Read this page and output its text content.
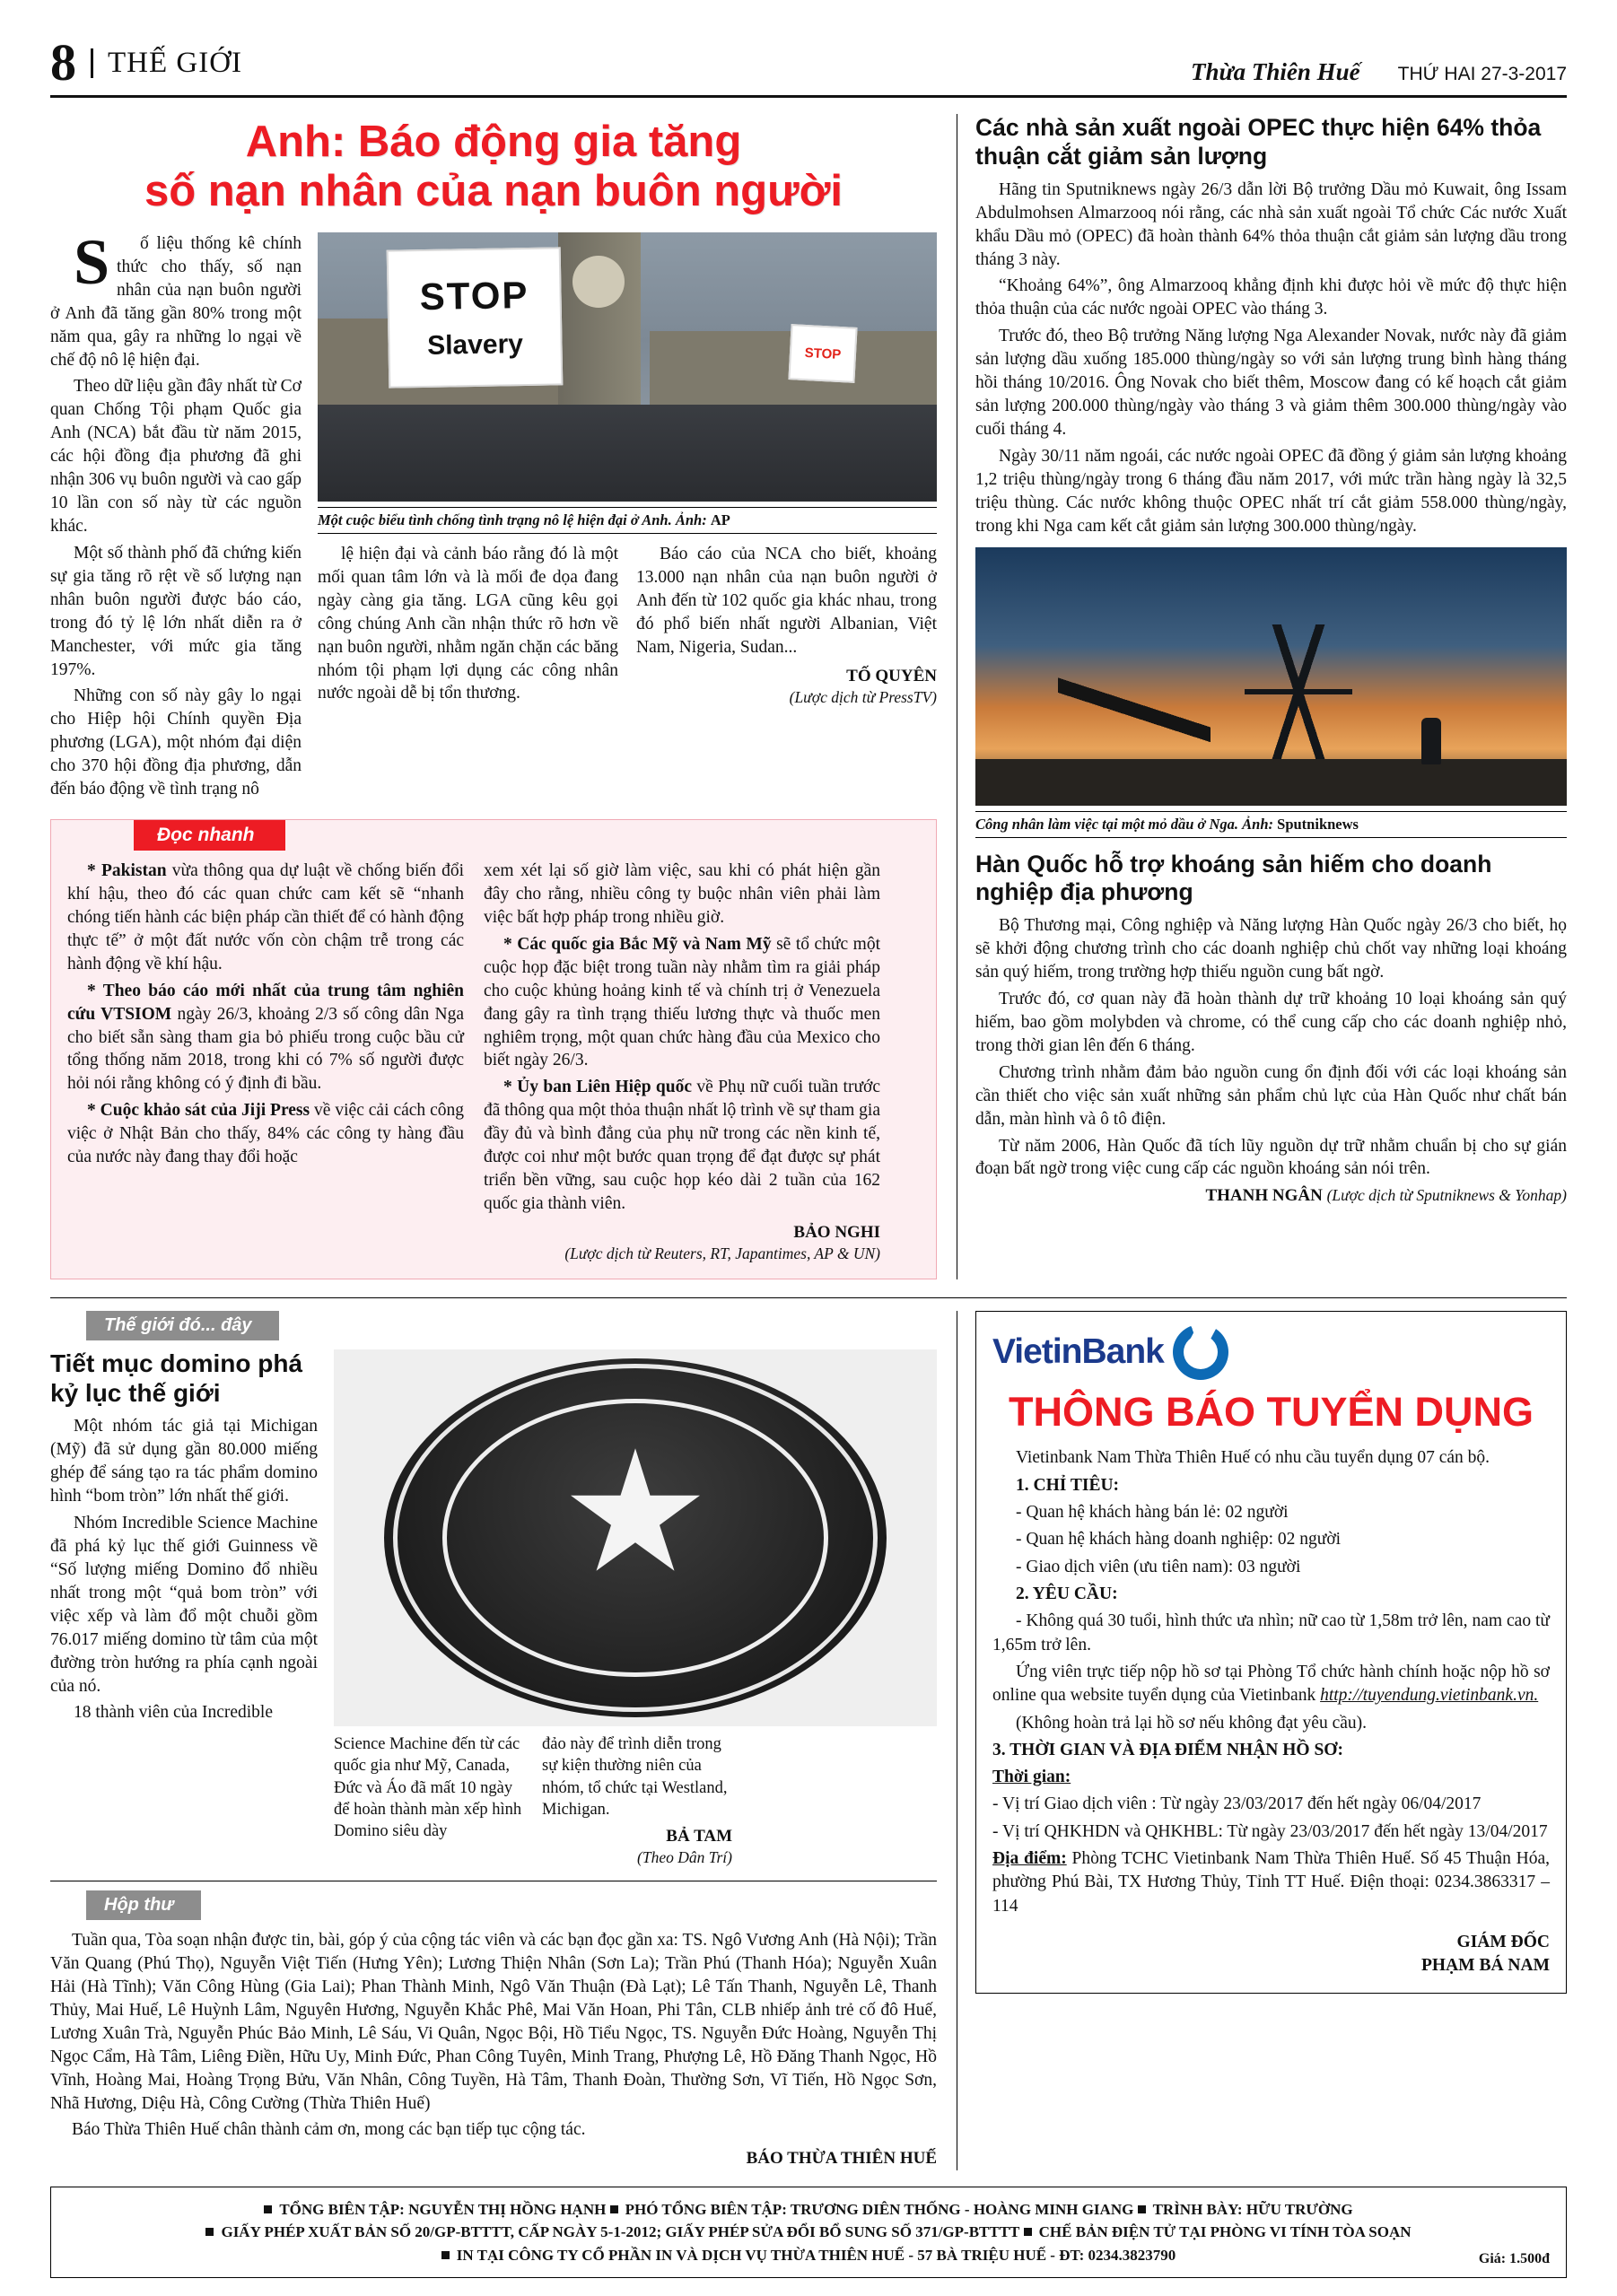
8	THẾ GIỚI	Thừa Thiên Huế THỨ HAI 27-3-2017
Anh: Báo động gia tăng
số nạn nhân của nạn buôn người

Số liệu thống kê chính thức cho thấy, số nạn nhân của nạn buôn người ở Anh đã tăng gần 80% trong một năm qua, gây ra những lo ngại về chế độ nô lệ hiện đại.

Theo dữ liệu gần đây nhất từ Cơ quan Chống Tội phạm Quốc gia Anh (NCA) bắt đầu từ năm 2015, các hội đồng địa phương đã ghi nhận 306 vụ buôn người và cao gấp 10 lần con số này từ các nguồn khác.

Một số thành phố đã chứng kiến sự gia tăng rõ rệt về số lượng nạn nhân buôn người được báo cáo, trong đó tỷ lệ lớn nhất diễn ra ở Manchester, với mức gia tăng 197%.

Những con số này gây lo ngại cho Hiệp hội Chính quyền Địa phương (LGA), một nhóm đại diện cho 370 hội đồng địa phương, dẫn đến báo động về tình trạng nô

STOP
Slavery	STOP
Một cuộc biểu tình chống tình trạng nô lệ hiện đại ở Anh. Ảnh: AP

lệ hiện đại và cảnh báo rằng đó là một mối quan tâm lớn và là mối đe dọa đang ngày càng gia tăng. LGA cũng kêu gọi công chúng Anh cần nhận thức rõ hơn về nạn buôn người, nhằm ngăn chặn các băng nhóm tội phạm lợi dụng các công nhân nước ngoài dễ bị tổn thương.

Báo cáo của NCA cho biết, khoảng 13.000 nạn nhân của nạn buôn người ở Anh đến từ 102 quốc gia khác nhau, trong đó phổ biến nhất người Albanian, Việt Nam, Nigeria, Sudan...

TỐ QUYÊN
(Lược dịch từ PressTV)
Đọc nhanh

* Pakistan vừa thông qua dự luật về chống biến đổi khí hậu, theo đó các quan chức cam kết sẽ “nhanh chóng tiến hành các biện pháp cần thiết để có hành động thực tế” ở một đất nước vốn còn chậm trễ trong các hành động về khí hậu.

* Theo báo cáo mới nhất của trung tâm nghiên cứu VTSIOM ngày 26/3, khoảng 2/3 số công dân Nga cho biết sẵn sàng tham gia bỏ phiếu trong cuộc bầu cử tổng thống năm 2018, trong khi có 7% số người được hỏi nói rằng không có ý định đi bầu.

* Cuộc khảo sát của Jiji Press về việc cải cách công việc ở Nhật Bản cho thấy, 84% các công ty hàng đầu của nước này đang thay đổi hoặc

xem xét lại số giờ làm việc, sau khi có phát hiện gần đây cho rằng, nhiều công ty buộc nhân viên phải làm việc bất hợp pháp trong nhiều giờ.

* Các quốc gia Bắc Mỹ và Nam Mỹ sẽ tổ chức một cuộc họp đặc biệt trong tuần này nhằm tìm ra giải pháp cho cuộc khủng hoảng kinh tế và chính trị ở Venezuela đang gây ra tình trạng thiếu lương thực và thuốc men nghiêm trọng, một quan chức hàng đầu của Mexico cho biết ngày 26/3.

* Ủy ban Liên Hiệp quốc về Phụ nữ cuối tuần trước đã thông qua một thỏa thuận nhất lộ trình về sự tham gia đầy đủ và bình đẳng của phụ nữ trong các nền kinh tế, được coi như một bước quan trọng để đạt được sự phát triển bền vững, sau cuộc họp kéo dài 2 tuần của 162 quốc gia thành viên.

BẢO NGHI
(Lược dịch từ Reuters, RT, Japantimes, AP & UN)
Các nhà sản xuất ngoài OPEC thực hiện 64% thỏa thuận cắt giảm sản lượng

Hãng tin Sputniknews ngày 26/3 dẫn lời Bộ trưởng Dầu mỏ Kuwait, ông Issam Abdulmohsen Almarzooq nói rằng, các nhà sản xuất ngoài Tổ chức Các nước Xuất khẩu Dầu mỏ (OPEC) đã hoàn thành 64% thỏa thuận cắt giảm sản lượng dầu trong tháng 3 này.

“Khoảng 64%”, ông Almarzooq khẳng định khi được hỏi về mức độ thực hiện thỏa thuận của các nước ngoài OPEC vào tháng 3.

Trước đó, theo Bộ trưởng Năng lượng Nga Alexander Novak, nước này đã giảm sản lượng dầu xuống 185.000 thùng/ngày so với sản lượng trung bình hàng tháng hồi tháng 10/2016. Ông Novak cho biết thêm, Moscow đang có kế hoạch cắt giảm sản lượng 200.000 thùng/ngày vào tháng 3 và giảm thêm 300.000 thùng/ngày vào cuối tháng 4.

Ngày 30/11 năm ngoái, các nước ngoài OPEC đã đồng ý giảm sản lượng khoảng 1,2 triệu thùng/ngày trong 6 tháng đầu năm 2017, với mức trần hàng ngày là 32,5 triệu thùng. Các nước không thuộc OPEC nhất trí cắt giảm 558.000 thùng/ngày, trong khi Nga cam kết cắt giảm sản lượng 300.000 thùng/ngày.

Công nhân làm việc tại một mỏ dầu ở Nga. Ảnh: Sputniknews
Hàn Quốc hỗ trợ khoáng sản hiếm cho doanh nghiệp địa phương

Bộ Thương mại, Công nghiệp và Năng lượng Hàn Quốc ngày 26/3 cho biết, họ sẽ khởi động chương trình cho các doanh nghiệp chủ chốt vay những loại khoáng sản quý hiếm, trong trường hợp thiếu nguồn cung bất ngờ.

Trước đó, cơ quan này đã hoàn thành dự trữ khoảng 10 loại khoáng sản quý hiếm, bao gồm molybden và chrome, có thể cung cấp cho các doanh nghiệp nhỏ, trong thời gian lên đến 6 tháng.

Chương trình nhằm đảm bảo nguồn cung ổn định đối với các loại khoáng sản cần thiết cho việc sản xuất những sản phẩm chủ lực của Hàn Quốc như chất bán dẫn, màn hình và ô tô điện.

Từ năm 2006, Hàn Quốc đã tích lũy nguồn dự trữ nhằm chuẩn bị cho sự gián đoạn bất ngờ trong việc cung cấp các nguồn khoáng sản nói trên.

THANH NGÂN (Lược dịch từ Sputniknews & Yonhap)
Thế giới đó... đây
Tiết mục domino phá kỷ lục thế giới

Một nhóm tác giả tại Michigan (Mỹ) đã sử dụng gần 80.000 miếng ghép để sáng tạo ra tác phẩm domino hình “bom tròn” lớn nhất thế giới.

Nhóm Incredible Science Machine đã phá kỷ lục thế giới Guinness về “Số lượng miếng Domino đổ nhiều nhất trong một “quả bom tròn” với việc xếp và làm đổ một chuỗi gồm 76.017 miếng domino từ tâm của một đường tròn hướng ra phía cạnh ngoài của nó.

18 thành viên của Incredible

Science Machine đến từ các quốc gia như Mỹ, Canada, Đức và Áo đã mất 10 ngày để hoàn thành màn xếp hình Domino siêu dày
đảo này để trình diễn trong sự kiện thường niên của nhóm, tổ chức tại Westland, Michigan.
BẢ TAM
(Theo Dân Trí)
Hộp thư

Tuần qua, Tòa soạn nhận được tin, bài, góp ý của cộng tác viên và các bạn đọc gần xa: TS. Ngô Vương Anh (Hà Nội); Trần Văn Quang (Phú Thọ), Nguyễn Việt Tiến (Hưng Yên); Lương Thiện Nhân (Sơn La); Trần Phú (Thanh Hóa); Nguyễn Xuân Hải (Hà Tĩnh); Văn Công Hùng (Gia Lai); Phan Thành Minh, Ngô Văn Thuận (Đà Lạt); Lê Tấn Thanh, Nguyễn Lê, Thanh Thủy, Mai Huế, Lê Huỳnh Lâm, Nguyên Hương, Nguyễn Khắc Phê, Mai Văn Hoan, Phi Tân, CLB nhiếp ảnh trẻ cố đô Huế, Lương Xuân Trà, Nguyễn Phúc Bảo Minh, Lê Sáu, Vi Quân, Ngọc Bội, Hồ Tiểu Ngọc, TS. Nguyễn Đức Hoàng, Nguyễn Thị Ngọc Cẩm, Hà Tâm, Liêng Điền, Hữu Uy, Minh Đức, Phan Công Tuyên, Minh Trang, Phượng Lê, Hồ Đăng Thanh Ngọc, Hồ Vĩnh, Hoàng Mai, Hoàng Trọng Bửu, Văn Nhân, Công Tuyền, Hà Tâm, Thanh Đoàn, Thường Sơn, Vĩ Tiến, Hồ Ngọc Sơn, Nhã Hương, Diệu Hà, Công Cường (Thừa Thiên Huế)

Báo Thừa Thiên Huế chân thành cảm ơn, mong các bạn tiếp tục cộng tác.

BÁO THỪA THIÊN HUẾ
VietinBank
THÔNG BÁO TUYỂN DỤNG

Vietinbank Nam Thừa Thiên Huế có nhu cầu tuyển dụng 07 cán bộ.

1. CHỈ TIÊU:

- Quan hệ khách hàng bán lẻ: 02 người

- Quan hệ khách hàng doanh nghiệp: 02 người

- Giao dịch viên (ưu tiên nam): 03 người

2. YÊU CẦU:

- Không quá 30 tuổi, hình thức ưa nhìn; nữ cao từ 1,58m trở lên, nam cao từ 1,65m trở lên.

Ứng viên trực tiếp nộp hồ sơ tại Phòng Tổ chức hành chính hoặc nộp hồ sơ online qua website tuyển dụng của Vietinbank http://tuyendung.vietinbank.vn.

(Không hoàn trả lại hồ sơ nếu không đạt yêu cầu).

3. THỜI GIAN VÀ ĐỊA ĐIỂM NHẬN HỒ SƠ:

Thời gian:

- Vị trí Giao dịch viên : Từ ngày 23/03/2017 đến hết ngày 06/04/2017

- Vị trí QHKHDN và QHKHBL: Từ ngày 23/03/2017 đến hết ngày 13/04/2017

Địa điểm: Phòng TCHC Vietinbank Nam Thừa Thiên Huế. Số 45 Thuận Hóa, phường Phú Bài, TX Hương Thủy, Tỉnh TT Huế. Điện thoại: 0234.3863317 – 114

GIÁM ĐỐC
PHẠM BÁ NAM
TỔNG BIÊN TẬP: NGUYỄN THỊ HỒNG HẠNH PHÓ TỔNG BIÊN TẬP: TRƯƠNG DIÊN THỐNG - HOÀNG MINH GIANG TRÌNH BÀY: HỮU TRƯỜNG
GIẤY PHÉP XUẤT BẢN SỐ 20/GP-BTTTT, CẤP NGÀY 5-1-2012; GIẤY PHÉP SỬA ĐỔI BỔ SUNG SỐ 371/GP-BTTTT CHẾ BẢN ĐIỆN TỬ TẠI PHÒNG VI TÍNH TÒA SOẠN
IN TẠI CÔNG TY CỔ PHẦN IN VÀ DỊCH VỤ THỪA THIÊN HUẾ - 57 BÀ TRIỆU HUẾ - ĐT: 0234.3823790	Giá: 1.500đ
